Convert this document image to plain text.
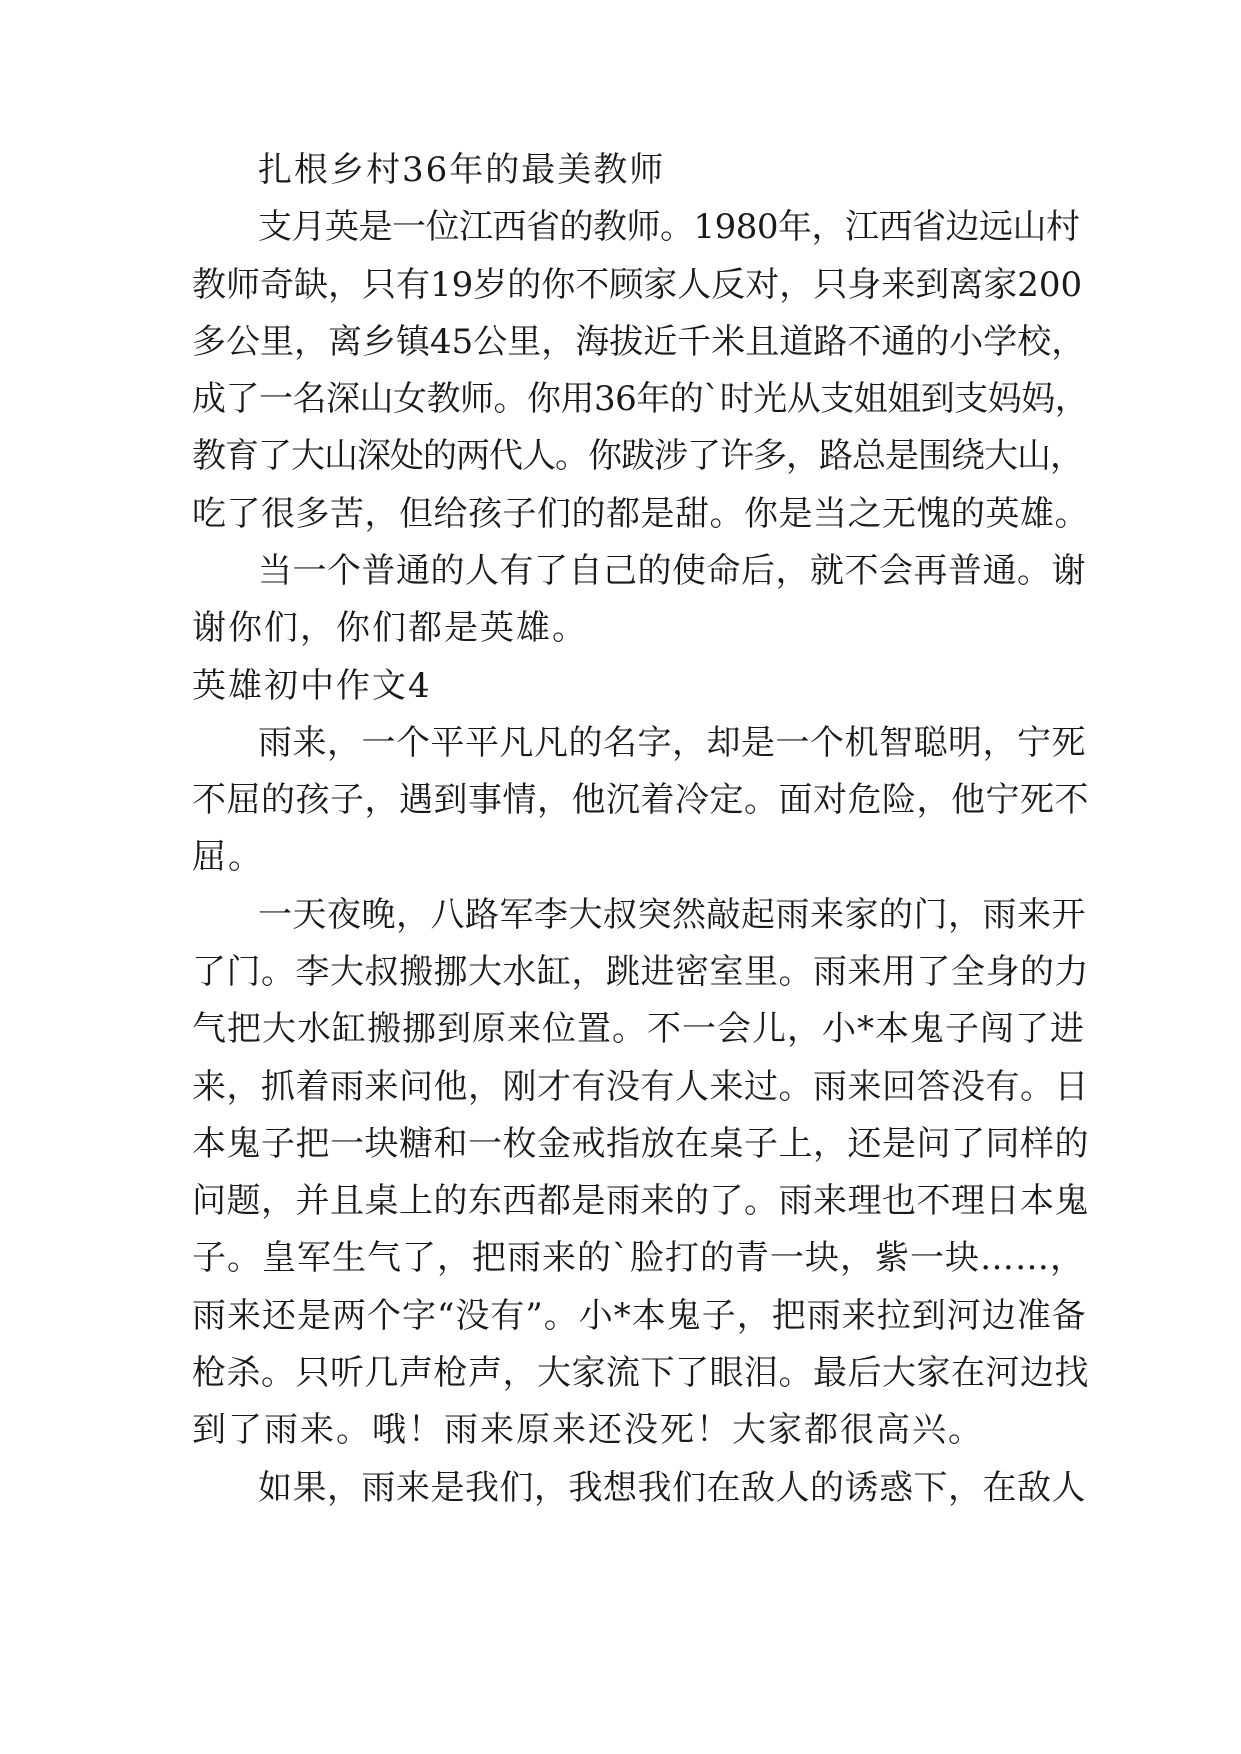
扎根乡村36年的最美教师
支月英是一位江西省的教师。1980年，江西省边远山村
教师奇缺，只有19岁的你不顾家人反对，只身来到离家200
多公里，离乡镇45公里，海拔近千米且道路不通的小学校，
成了一名深山女教师。你用36年的`时光从支姐姐到支妈妈，
教育了大山深处的两代人。你跋涉了许多，路总是围绕大山，
吃了很多苦，但给孩子们的都是甜。你是当之无愧的英雄。
当一个普通的人有了自己的使命后，就不会再普通。谢
谢你们，你们都是英雄。
英雄初中作文4
雨来，一个平平凡凡的名字，却是一个机智聪明，宁死
不屈的孩子，遇到事情，他沉着冷定。面对危险，他宁死不
屈。
一天夜晚，八路军李大叔突然敲起雨来家的门，雨来开
了门。李大叔搬挪大水缸，跳进密室里。雨来用了全身的力
气把大水缸搬挪到原来位置。不一会儿，小*本鬼子闯了进
来，抓着雨来问他，刚才有没有人来过。雨来回答没有。日
本鬼子把一块糖和一枚金戒指放在桌子上，还是问了同样的
问题，并且桌上的东西都是雨来的了。雨来理也不理日本鬼
子。皇军生气了，把雨来的`脸打的青一块，紫一块……，
雨来还是两个字“没有”。小*本鬼子，把雨来拉到河边准备
枪杀。只听几声枪声，大家流下了眼泪。最后大家在河边找
到了雨来。哦！雨来原来还没死！大家都很高兴。
如果，雨来是我们，我想我们在敌人的诱惑下，在敌人
